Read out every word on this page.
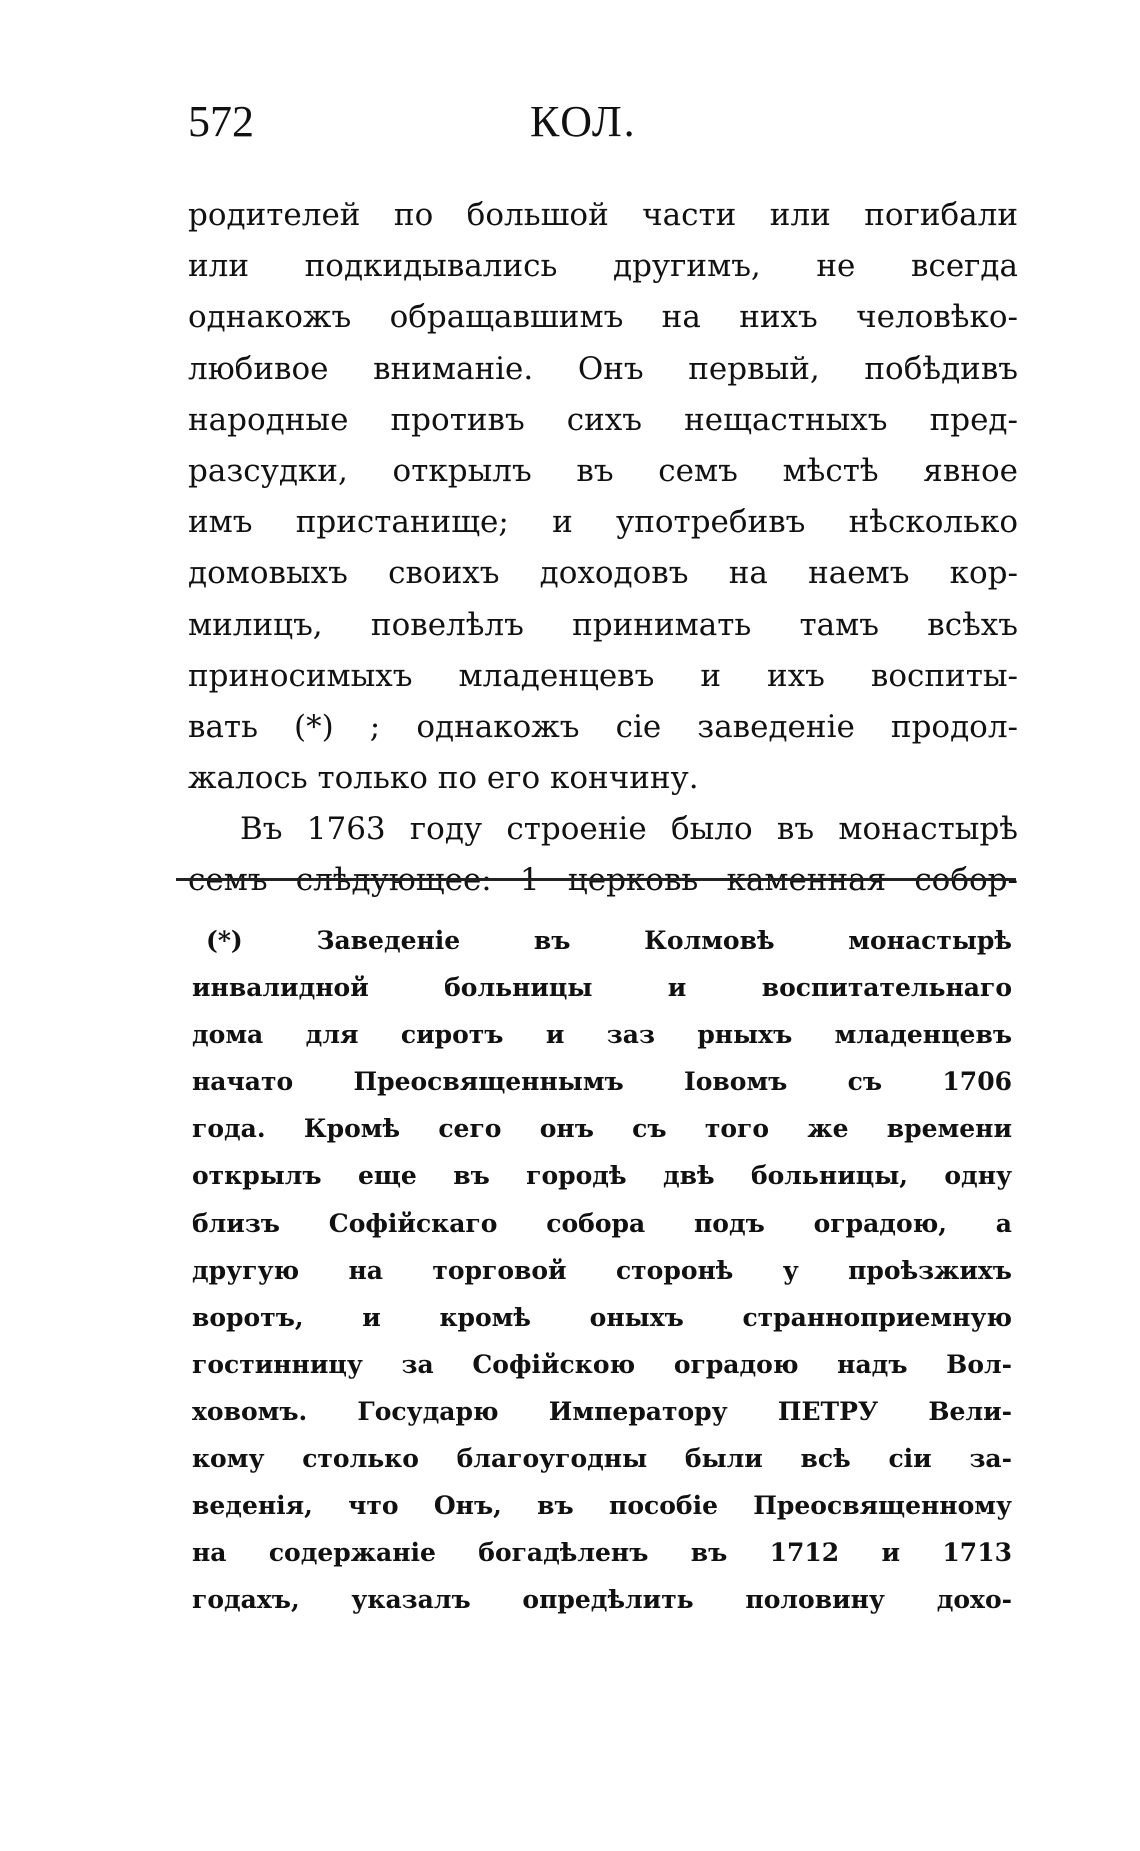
572	КОЛ.
родителей по большой части или погибали
или подкидывались другимъ, не всегда
однакожъ обращавшимъ на нихъ человѣко-
любивое вниманіе. Онъ первый, побѣдивъ
народные противъ сихъ нещастныхъ пред-
разсудки, открылъ въ семъ мѣстѣ явное
имъ пристанище; и употребивъ нѣсколько
домовыхъ своихъ доходовъ на наемъ кор-
милицъ, повелѣлъ принимать тамъ всѣхъ
приносимыхъ младенцевъ и ихъ воспиты-
вать (*) ; однакожъ сіе заведеніе продол-
жалось только по его кончину.
Въ 1763 году строеніе было въ монастырѣ
семъ слѣдующее: 1 церковь каменная собор-
(*) Заведеніе въ Колмовѣ монастырѣ
инвалидной больницы и воспитательнаго
дома для сиротъ и заз рныхъ младенцевъ
начато Преосвященнымъ Іовомъ съ 1706
года. Кромѣ сего онъ съ того же времени
открылъ еще въ городѣ двѣ больницы, одну
близъ Софійскаго собора подъ оградою, а
другую на торговой сторонѣ у проѣзжихъ
воротъ, и кромѣ оныхъ странноприемную
гостинницу за Софійскою оградою надъ Вол-
ховомъ. Государю Императору ПЕТРУ Вели-
кому столько благоугодны были всѣ сіи за-
веденія, что Онъ, въ пособіе Преосвященному
на содержаніе богадѣленъ въ 1712 и 1713
годахъ, указалъ опредѣлить половину дохо-
